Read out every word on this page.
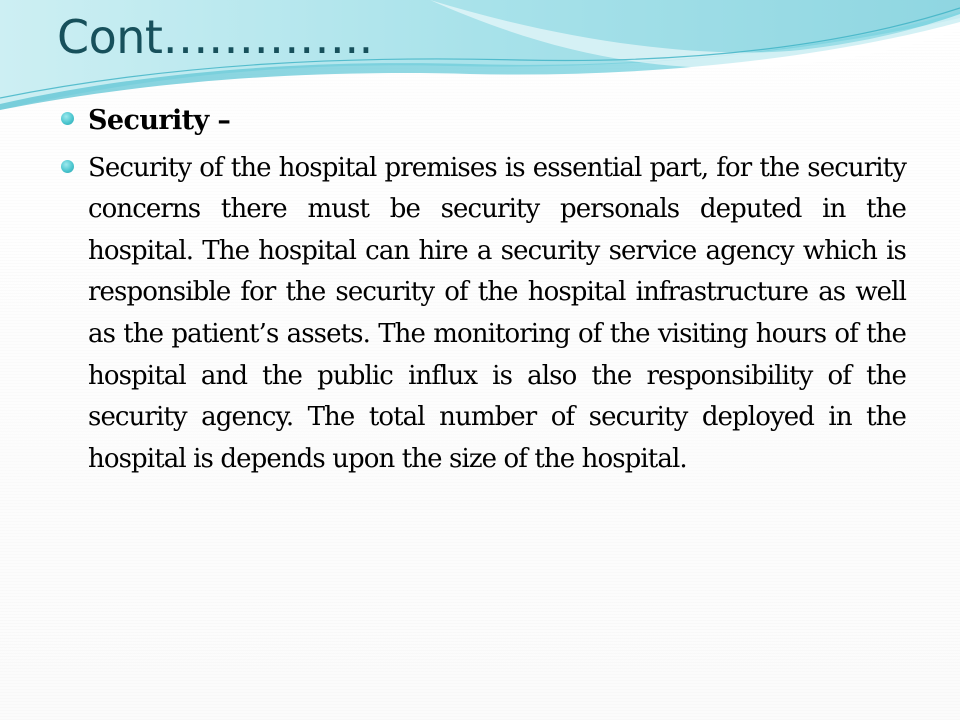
Cont…………..
Security –
Security of the hospital premises is essential part, for the security concerns there must be security personals deputed in the hospital. The hospital can hire a security service agency which is responsible for the security of the hospital infrastructure as well as the patient’s assets. The monitoring of the visiting hours of the hospital and the public influx is also the responsibility of the security agency. The total number of security deployed in the hospital is depends upon the size of the hospital.
